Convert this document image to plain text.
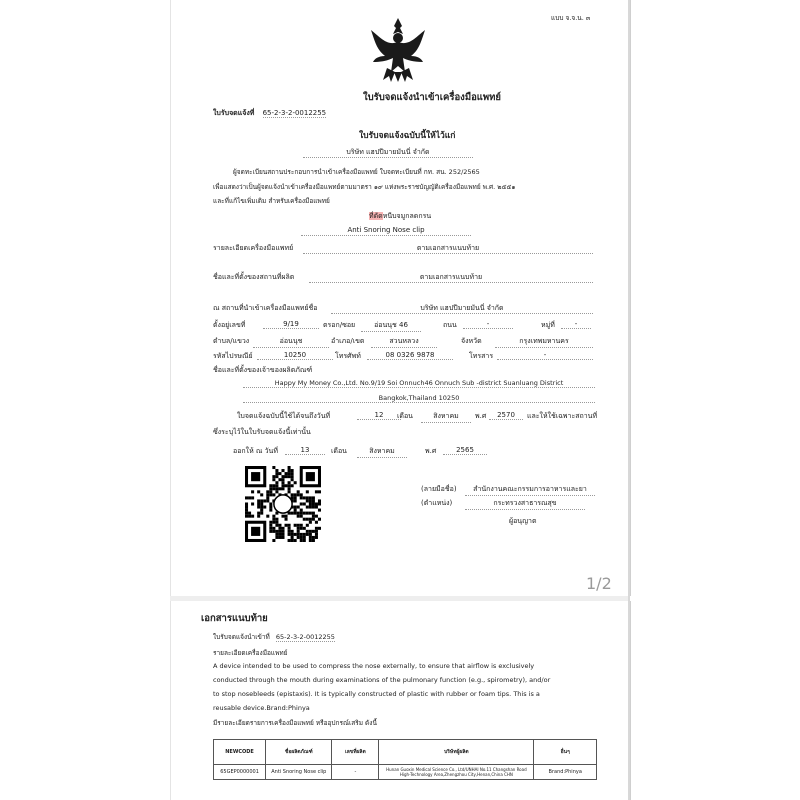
แบบ จ.จ.น. ๓
ใบรับจดแจ้งนำเข้าเครื่องมือแพทย์
ใบรับจดแจ้งที่ 65-2-3-2-0012255
ใบรับจดแจ้งฉบับนี้ให้ไว้แก่
บริษัท แฮปปีมายมันนี่ จำกัด
ผู้จดทะเบียนสถานประกอบการนำเข้าเครื่องมือแพทย์ ใบจดทะเบียนที่ กท. สน. 252/2565
เพื่อแสดงว่าเป็นผู้จดแจ้งนำเข้าเครื่องมือแพทย์ตามมาตรา ๑๙ แห่งพระราชบัญญัติเครื่องมือแพทย์ พ.ศ. ๒๕๕๑
และที่แก้ไขเพิ่มเติม สำหรับเครื่องมือแพทย์
ที่ดัดหนีบจมูกลดกรน
Anti Snoring Nose clip
รายละเอียดเครื่องมือแพทย์	ตามเอกสารแนบท้าย
ชื่อและที่ตั้งของสถานที่ผลิต	ตามเอกสารแนบท้าย
ณ สถานที่นำเข้าเครื่องมือแพทย์ชื่อ	บริษัท แฮปปีมายมันนี่ จำกัด
ตั้งอยู่เลขที่	9/19	ตรอก/ซอย	อ่อนนุช 46	ถนน	-	หมู่ที่	-
ตำบล/แขวง	อ่อนนุช	อำเภอ/เขต	สวนหลวง	จังหวัด	กรุงเทพมหานคร
รหัสไปรษณีย์	10250	โทรศัพท์	08 0326 9878	โทรสาร	-
ชื่อและที่ตั้งของเจ้าของผลิตภัณฑ์
Happy My Money Co.,Ltd. No.9/19 Soi Onnuch46 Onnuch Sub -district Suanluang District
Bangkok,Thailand 10250
ใบจดแจ้งฉบับนี้ใช้ได้จนถึงวันที่	12	เดือน	สิงหาคม	พ.ศ	2570	และให้ใช้เฉพาะสถานที่
ซึ่งระบุไว้ในใบรับจดแจ้งนี้เท่านั้น
ออกให้ ณ วันที่	13	เดือน	สิงหาคม	พ.ศ	2565
(ลายมือชื่อ)	สำนักงานคณะกรรมการอาหารและยา
(ตำแหน่ง)	กระทรวงสาธารณสุข
ผู้อนุญาต
1/2
เอกสารแนบท้าย
ใบรับจดแจ้งนำเข้าที่ 65-2-3-2-0012255
รายละเอียดเครื่องมือแพทย์
A device intended to be used to compress the nose externally, to ensure that airflow is exclusively
conducted through the mouth during examinations of the pulmonary function (e.g., spirometry), and/or
to stop nosebleeds (epistaxis). It is typically constructed of plastic with rubber or foam tips. This is a
reusable device.Brand:Phinya
มีรายละเอียดรายการเครื่องมือแพทย์ หรืออุปกรณ์เสริม ดังนี้
NEWCODE	ชื่อผลิตภัณฑ์	เลขที่ผลิต	บริษัทผู้ผลิต	อื่นๆ
65GEP0000001	Anti Snoring Nose clip	-	Hunan Guoxin Medical Science Co., Ltd/UNHAI No.11 Changshan Road High-Technology Area,Zhengzhou City,Henan,China CHN	Brand:Phinya
